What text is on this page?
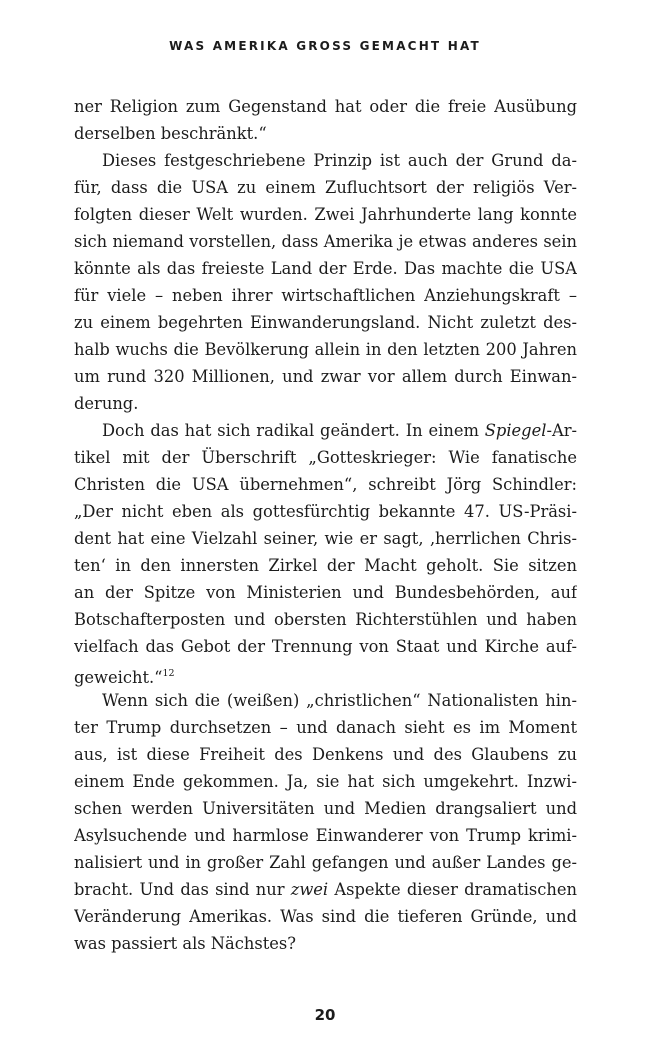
WAS AMERIKA GROSS GEMACHT HAT
ner Religion zum Gegenstand hat oder die freie Ausübung
derselben beschränkt.“
Dieses festgeschriebene Prinzip ist auch der Grund da-
für, dass die USA zu einem Zufluchtsort der religiös Ver-
folgten dieser Welt wurden. Zwei Jahrhunderte lang konnte
sich niemand vorstellen, dass Amerika je etwas anderes sein
könnte als das freieste Land der Erde. Das machte die USA
für viele – neben ihrer wirtschaftlichen Anziehungskraft –
zu einem begehrten Einwanderungsland. Nicht zuletzt des-
halb wuchs die Bevölkerung allein in den letzten 200 Jahren
um rund 320 Millionen, und zwar vor allem durch Einwan-
derung.
Doch das hat sich radikal geändert. In einem Spiegel-Ar-
tikel mit der Überschrift „Gotteskrieger: Wie fanatische
Christen die USA übernehmen“, schreibt Jörg Schindler:
„Der nicht eben als gottesfürchtig bekannte 47. US-Präsi-
dent hat eine Vielzahl seiner, wie er sagt, ‚herrlichen Chris-
ten‘ in den innersten Zirkel der Macht geholt. Sie sitzen
an der Spitze von Ministerien und Bundesbehörden, auf
Botschafterposten und obersten Richterstühlen und haben
vielfach das Gebot der Trennung von Staat und Kirche auf-
geweicht.“$^{12}$
Wenn sich die (weißen) „christlichen“ Nationalisten hin-
ter Trump durchsetzen – und danach sieht es im Moment
aus, ist diese Freiheit des Denkens und des Glaubens zu
einem Ende gekommen. Ja, sie hat sich umgekehrt. Inzwi-
schen werden Universitäten und Medien drangsaliert und
Asylsuchende und harmlose Einwanderer von Trump krimi-
nalisiert und in großer Zahl gefangen und außer Landes ge-
bracht. Und das sind nur zwei Aspekte dieser dramatischen
Veränderung Amerikas. Was sind die tieferen Gründe, und
was passiert als Nächstes?
20
